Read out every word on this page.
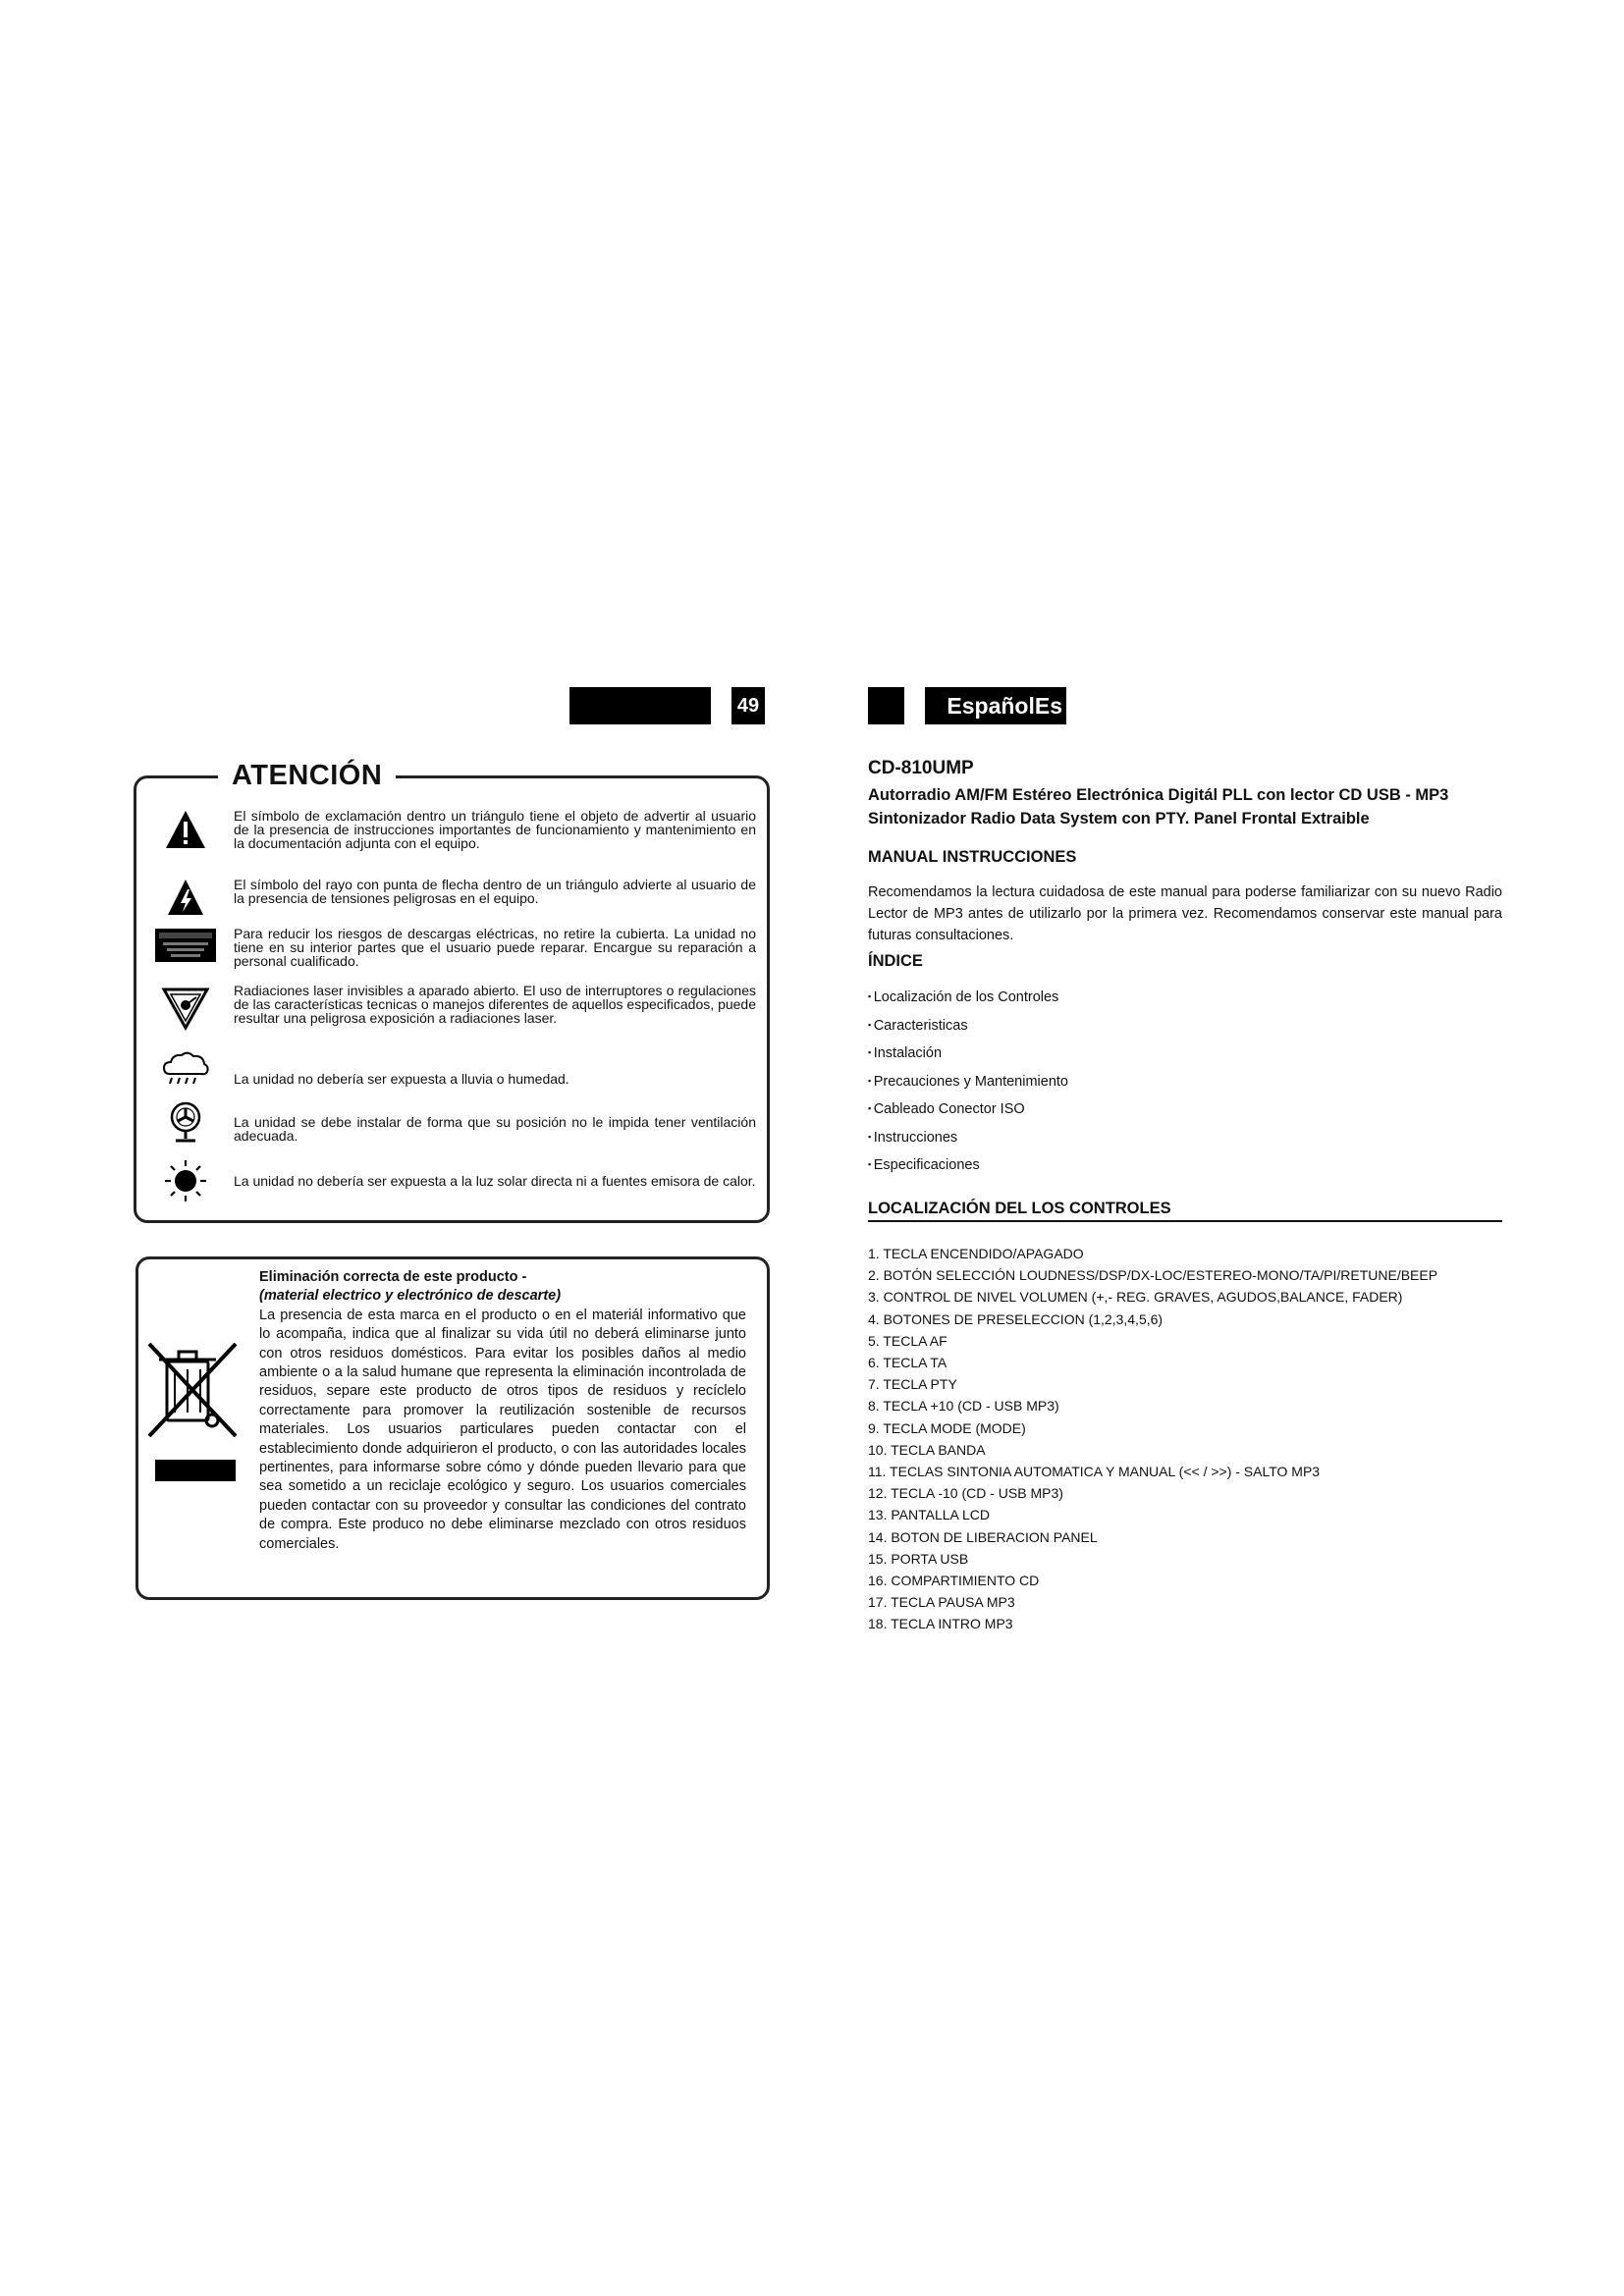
49	EspañolEs
ATENCIÓN
El símbolo de exclamación dentro un triángulo tiene el objeto de advertir al usuario de la presencia de instrucciones importantes de funcionamiento y mantenimiento en la documentación adjunta con el equipo.
El símbolo del rayo con punta de flecha dentro de un triángulo advierte al usuario de la presencia de tensiones peligrosas en el equipo.
Para reducir los riesgos de descargas eléctricas, no retire la cubierta. La unidad no tiene en su interior partes que el usuario puede reparar. Encargue su reparación a personal cualificado.
Radiaciones laser invisibles a aparado abierto. El uso de interruptores o regulaciones de las características tecnicas o manejos diferentes de aquellos especificados, puede resultar una peligrosa exposición a radiaciones laser.
La unidad no debería ser expuesta a lluvia o humedad.
La unidad se debe instalar de forma que su posición no le impida tener ventilación adecuada.
La unidad no debería ser expuesta a la luz solar directa ni a fuentes emisora de calor.
Eliminación correcta de este producto -
(material electrico y electrónico de descarte)
La presencia de esta marca en el producto o en el materiál informativo que lo acompaña, indica que al finalizar su vida útil no deberá eliminarse junto con otros residuos domésticos. Para evitar los posibles daños al medio ambiente o a la salud humane que representa la eliminación incontrolada de residuos, separe este producto de otros tipos de residuos y recíclelo correctamente para promover la reutilización sostenible de recursos materiales. Los usuarios particulares pueden contactar con el establecimiento donde adquirieron el producto, o con las autoridades locales pertinentes, para informarse sobre cómo y dónde pueden llevario para que sea sometido a un reciclaje ecológico y seguro. Los usuarios comerciales pueden contactar con su proveedor y consultar las condiciones del contrato de compra. Este produco no debe eliminarse mezclado con otros residuos comerciales.
CD-810UMP
Autorradio AM/FM Estéreo Electrónica Digitál PLL con lector CD USB - MP3
Sintonizador Radio Data System con PTY. Panel Frontal Extraible
MANUAL INSTRUCCIONES
Recomendamos la lectura cuidadosa de este manual para poderse familiarizar con su nuevo Radio Lector de MP3 antes de utilizarlo por la primera vez. Recomendamos conservar este manual para futuras consultaciones.
ÍNDICE
▪ Localización de los Controles
▪ Caracteristicas
▪ Instalación
▪ Precauciones y Mantenimiento
▪ Cableado Conector ISO
▪ Instrucciones
▪ Especificaciones
LOCALIZACIÓN DEL LOS CONTROLES
1. TECLA ENCENDIDO/APAGADO
2. BOTÓN SELECCIÓN LOUDNESS/DSP/DX-LOC/ESTEREO-MONO/TA/PI/RETUNE/BEEP
3. CONTROL DE NIVEL VOLUMEN (+,- REG. GRAVES, AGUDOS,BALANCE, FADER)
4. BOTONES DE PRESELECCION (1,2,3,4,5,6)
5. TECLA AF
6. TECLA TA
7. TECLA PTY
8. TECLA +10 (CD - USB MP3)
9. TECLA MODE (MODE)
10. TECLA BANDA
11. TECLAS SINTONIA AUTOMATICA Y MANUAL (<< / >>) - SALTO MP3
12. TECLA -10 (CD - USB MP3)
13. PANTALLA LCD
14. BOTON DE LIBERACION PANEL
15. PORTA USB
16. COMPARTIMIENTO CD
17. TECLA PAUSA MP3
18. TECLA INTRO MP3
